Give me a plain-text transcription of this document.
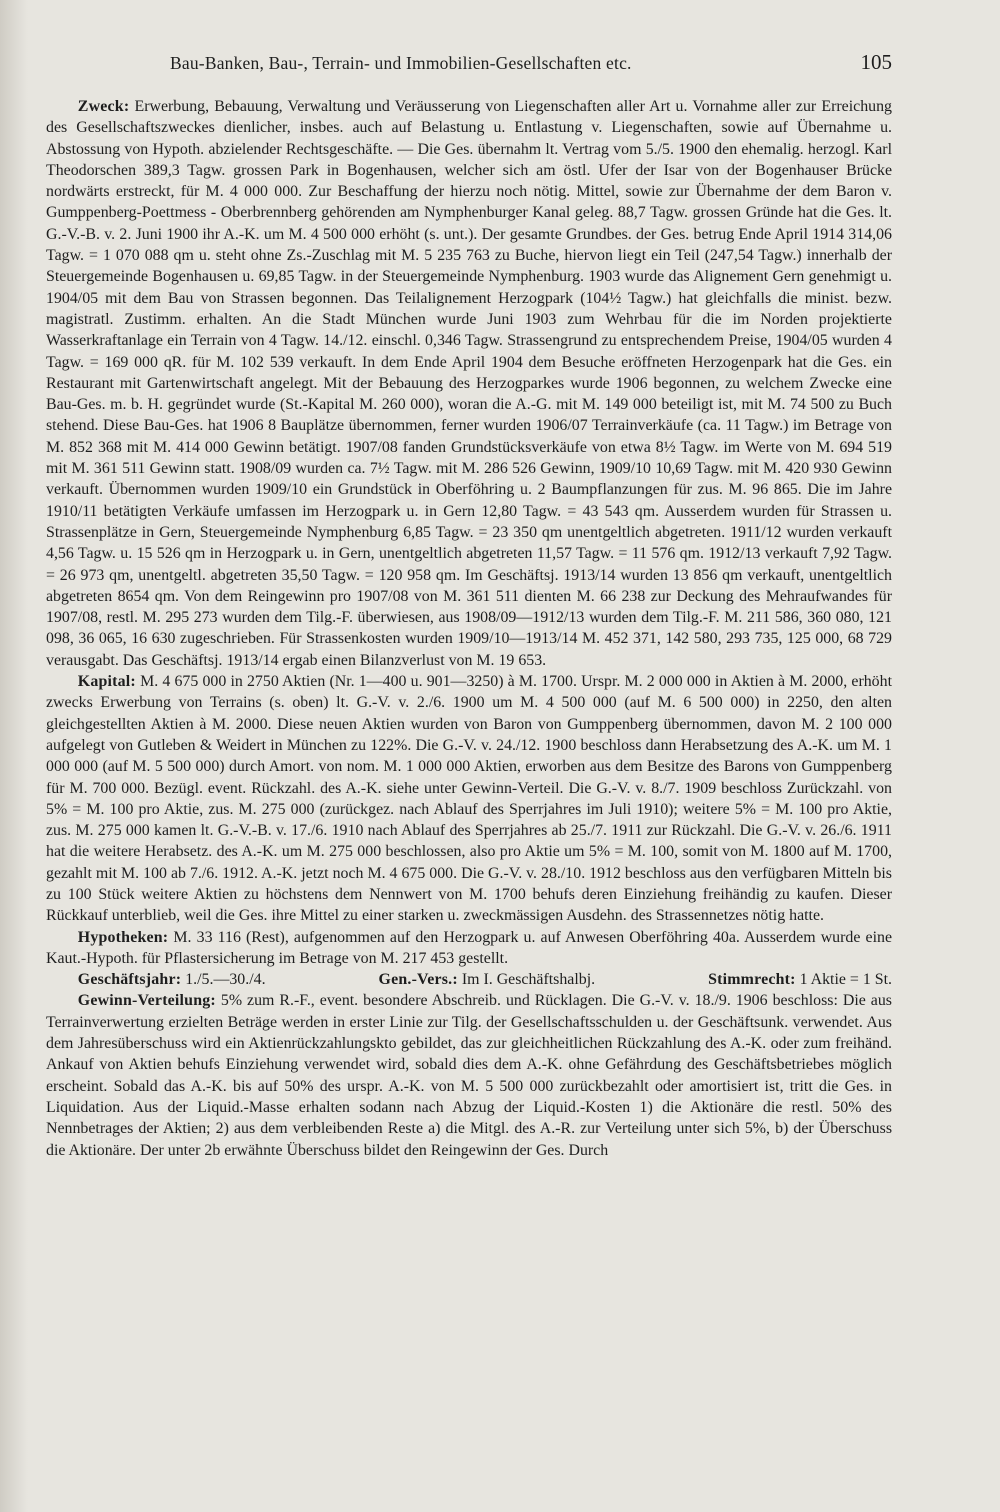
Bau-Banken, Bau-, Terrain- und Immobilien-Gesellschaften etc.	105

Zweck: Erwerbung, Bebauung, Verwaltung und Veräusserung von Liegenschaften aller Art u. Vornahme aller zur Erreichung des Gesellschaftszweckes dienlicher, insbes. auch auf Belastung u. Entlastung v. Liegenschaften, sowie auf Übernahme u. Abstossung von Hypoth. abzielender Rechtsgeschäfte. — Die Ges. übernahm lt. Vertrag vom 5./5. 1900 den ehemalig. herzogl. Karl Theodorschen 389,3 Tagw. grossen Park in Bogenhausen, welcher sich am östl. Ufer der Isar von der Bogenhauser Brücke nordwärts erstreckt, für M. 4 000 000. Zur Beschaffung der hierzu noch nötig. Mittel, sowie zur Übernahme der dem Baron v. Gumppenberg-Poettmess - Oberbrennberg gehörenden am Nymphenburger Kanal geleg. 88,7 Tagw. grossen Gründe hat die Ges. lt. G.-V.-B. v. 2. Juni 1900 ihr A.-K. um M. 4 500 000 erhöht (s. unt.). Der gesamte Grundbes. der Ges. betrug Ende April 1914 314,06 Tagw. = 1 070 088 qm u. steht ohne Zs.-Zuschlag mit M. 5 235 763 zu Buche, hiervon liegt ein Teil (247,54 Tagw.) innerhalb der Steuergemeinde Bogenhausen u. 69,85 Tagw. in der Steuergemeinde Nymphenburg. 1903 wurde das Alignement Gern genehmigt u. 1904/05 mit dem Bau von Strassen begonnen. Das Teilalignement Herzogpark (104½ Tagw.) hat gleichfalls die minist. bezw. magistratl. Zustimm. erhalten. An die Stadt München wurde Juni 1903 zum Wehrbau für die im Norden projektierte Wasserkraftanlage ein Terrain von 4 Tagw. 14./12. einschl. 0,346 Tagw. Strassengrund zu entsprechendem Preise, 1904/05 wurden 4 Tagw. = 169 000 qR. für M. 102 539 verkauft. In dem Ende April 1904 dem Besuche eröffneten Herzogenpark hat die Ges. ein Restaurant mit Gartenwirtschaft angelegt. Mit der Bebauung des Herzogparkes wurde 1906 begonnen, zu welchem Zwecke eine Bau-Ges. m. b. H. gegründet wurde (St.-Kapital M. 260 000), woran die A.-G. mit M. 149 000 beteiligt ist, mit M. 74 500 zu Buch stehend. Diese Bau-Ges. hat 1906 8 Bauplätze übernommen, ferner wurden 1906/07 Terrainverkäufe (ca. 11 Tagw.) im Betrage von M. 852 368 mit M. 414 000 Gewinn betätigt. 1907/08 fanden Grundstücksverkäufe von etwa 8½ Tagw. im Werte von M. 694 519 mit M. 361 511 Gewinn statt. 1908/09 wurden ca. 7½ Tagw. mit M. 286 526 Gewinn, 1909/10 10,69 Tagw. mit M. 420 930 Gewinn verkauft. Übernommen wurden 1909/10 ein Grundstück in Oberföhring u. 2 Baumpflanzungen für zus. M. 96 865. Die im Jahre 1910/11 betätigten Verkäufe umfassen im Herzogpark u. in Gern 12,80 Tagw. = 43 543 qm. Ausserdem wurden für Strassen u. Strassenplätze in Gern, Steuergemeinde Nymphenburg 6,85 Tagw. = 23 350 qm unentgeltlich abgetreten. 1911/12 wurden verkauft 4,56 Tagw. u. 15 526 qm in Herzogpark u. in Gern, unentgeltlich abgetreten 11,57 Tagw. = 11 576 qm. 1912/13 verkauft 7,92 Tagw. = 26 973 qm, unentgeltl. abgetreten 35,50 Tagw. = 120 958 qm. Im Geschäftsj. 1913/14 wurden 13 856 qm verkauft, unentgeltlich abgetreten 8654 qm. Von dem Reingewinn pro 1907/08 von M. 361 511 dienten M. 66 238 zur Deckung des Mehraufwandes für 1907/08, restl. M. 295 273 wurden dem Tilg.-F. überwiesen, aus 1908/09—1912/13 wurden dem Tilg.-F. M. 211 586, 360 080, 121 098, 36 065, 16 630 zugeschrieben. Für Strassenkosten wurden 1909/10—1913/14 M. 452 371, 142 580, 293 735, 125 000, 68 729 verausgabt. Das Geschäftsj. 1913/14 ergab einen Bilanzverlust von M. 19 653.

Kapital: M. 4 675 000 in 2750 Aktien (Nr. 1—400 u. 901—3250) à M. 1700. Urspr. M. 2 000 000 in Aktien à M. 2000, erhöht zwecks Erwerbung von Terrains (s. oben) lt. G.-V. v. 2./6. 1900 um M. 4 500 000 (auf M. 6 500 000) in 2250, den alten gleichgestellten Aktien à M. 2000. Diese neuen Aktien wurden von Baron von Gumppenberg übernommen, davon M. 2 100 000 aufgelegt von Gutleben & Weidert in München zu 122%. Die G.-V. v. 24./12. 1900 beschloss dann Herabsetzung des A.-K. um M. 1 000 000 (auf M. 5 500 000) durch Amort. von nom. M. 1 000 000 Aktien, erworben aus dem Besitze des Barons von Gumppenberg für M. 700 000. Bezügl. event. Rückzahl. des A.-K. siehe unter Gewinn-Verteil. Die G.-V. v. 8./7. 1909 beschloss Zurückzahl. von 5% = M. 100 pro Aktie, zus. M. 275 000 (zurückgez. nach Ablauf des Sperrjahres im Juli 1910); weitere 5% = M. 100 pro Aktie, zus. M. 275 000 kamen lt. G.-V.-B. v. 17./6. 1910 nach Ablauf des Sperrjahres ab 25./7. 1911 zur Rückzahl. Die G.-V. v. 26./6. 1911 hat die weitere Herabsetz. des A.-K. um M. 275 000 beschlossen, also pro Aktie um 5% = M. 100, somit von M. 1800 auf M. 1700, gezahlt mit M. 100 ab 7./6. 1912. A.-K. jetzt noch M. 4 675 000. Die G.-V. v. 28./10. 1912 beschloss aus den verfügbaren Mitteln bis zu 100 Stück weitere Aktien zu höchstens dem Nennwert von M. 1700 behufs deren Einziehung freihändig zu kaufen. Dieser Rückkauf unterblieb, weil die Ges. ihre Mittel zu einer starken u. zweckmässigen Ausdehn. des Strassennetzes nötig hatte.

Hypotheken: M. 33 116 (Rest), aufgenommen auf den Herzogpark u. auf Anwesen Oberföhring 40a. Ausserdem wurde eine Kaut.-Hypoth. für Pflastersicherung im Betrage von M. 217 453 gestellt.

Geschäftsjahr: 1./5.—30./4.	Gen.-Vers.: Im I. Geschäftshalbj.	Stimmrecht: 1 Aktie = 1 St.

Gewinn-Verteilung: 5% zum R.-F., event. besondere Abschreib. und Rücklagen. Die G.-V. v. 18./9. 1906 beschloss: Die aus Terrainverwertung erzielten Beträge werden in erster Linie zur Tilg. der Gesellschaftsschulden u. der Geschäftsunk. verwendet. Aus dem Jahresüberschuss wird ein Aktienrückzahlungskto gebildet, das zur gleichheitlichen Rückzahlung des A.-K. oder zum freihänd. Ankauf von Aktien behufs Einziehung verwendet wird, sobald dies dem A.-K. ohne Gefährdung des Geschäftsbetriebes möglich erscheint. Sobald das A.-K. bis auf 50% des urspr. A.-K. von M. 5 500 000 zurückbezahlt oder amortisiert ist, tritt die Ges. in Liquidation. Aus der Liquid.-Masse erhalten sodann nach Abzug der Liquid.-Kosten 1) die Aktionäre die restl. 50% des Nennbetrages der Aktien; 2) aus dem verbleibenden Reste a) die Mitgl. des A.-R. zur Verteilung unter sich 5%, b) der Überschuss die Aktionäre. Der unter 2b erwähnte Überschuss bildet den Reingewinn der Ges. Durch
